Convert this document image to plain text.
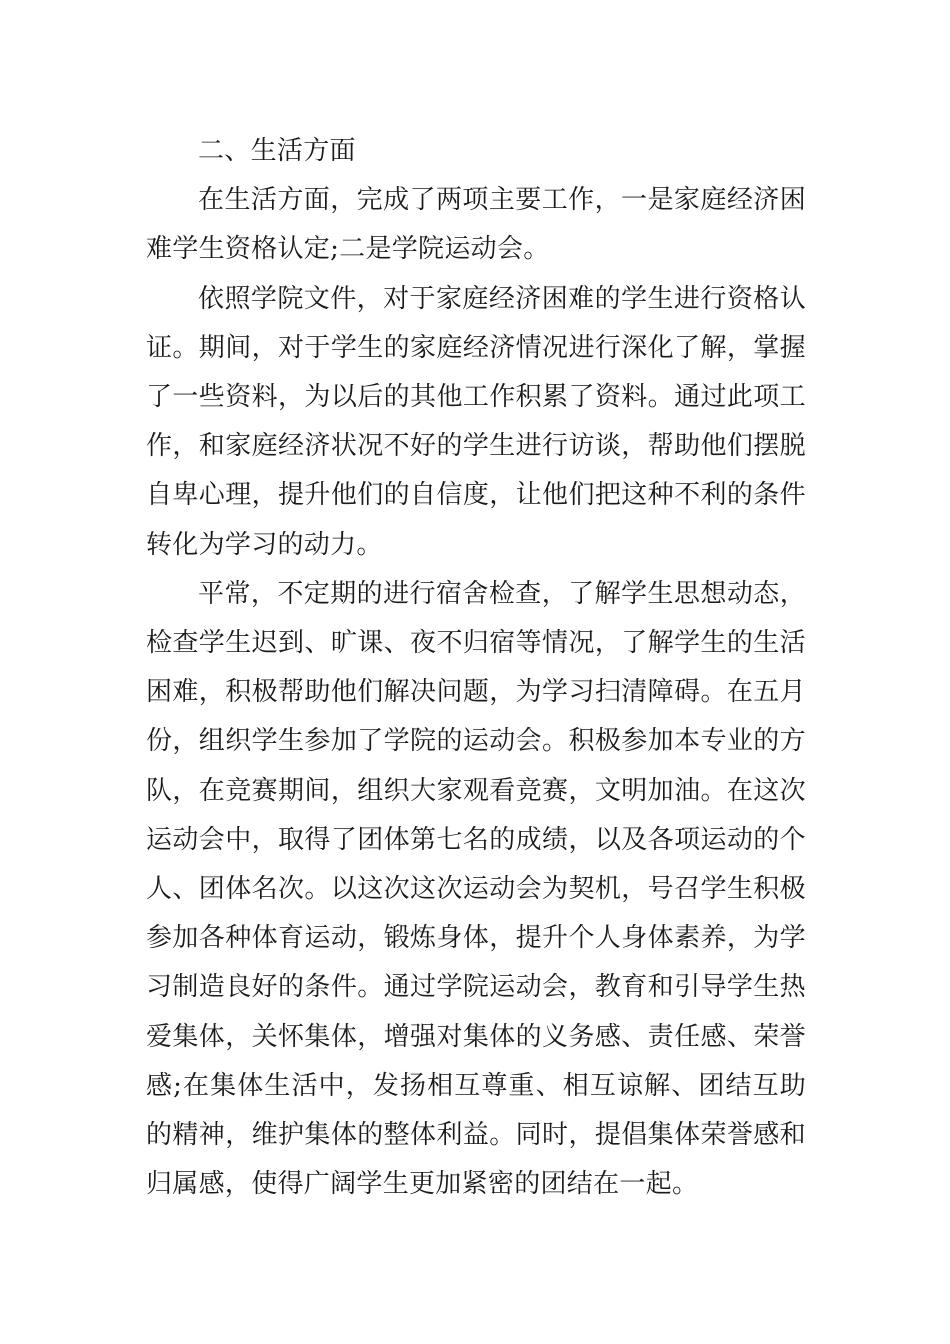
二、生活方面

在生活方面，完成了两项主要工作，一是家庭经济困难学生资格认定;二是学院运动会。

依照学院文件，对于家庭经济困难的学生进行资格认证。期间，对于学生的家庭经济情况进行深化了解，掌握了一些资料，为以后的其他工作积累了资料。通过此项工作，和家庭经济状况不好的学生进行访谈，帮助他们摆脱自卑心理，提升他们的自信度，让他们把这种不利的条件转化为学习的动力。

平常，不定期的进行宿舍检查，了解学生思想动态，检查学生迟到、旷课、夜不归宿等情况，了解学生的生活困难，积极帮助他们解决问题，为学习扫清障碍。在五月份，组织学生参加了学院的运动会。积极参加本专业的方队，在竞赛期间，组织大家观看竞赛，文明加油。在这次运动会中，取得了团体第七名的成绩，以及各项运动的个人、团体名次。以这次这次运动会为契机，号召学生积极参加各种体育运动，锻炼身体，提升个人身体素养，为学习制造良好的条件。通过学院运动会，教育和引导学生热爱集体，关怀集体，增强对集体的义务感、责任感、荣誉感;在集体生活中，发扬相互尊重、相互谅解、团结互助的精神，维护集体的整体利益。同时，提倡集体荣誉感和归属感，使得广阔学生更加紧密的团结在一起。
